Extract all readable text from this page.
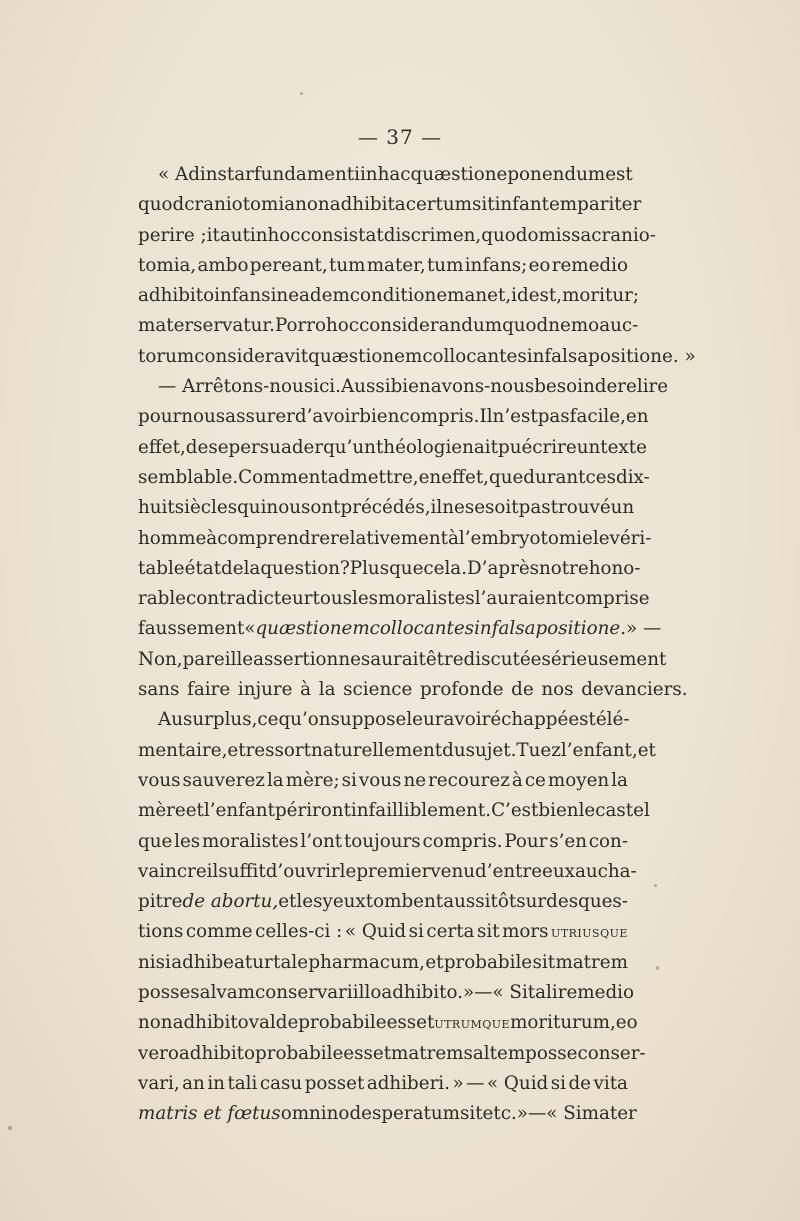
— 37 —
« Ad instar fundamenti in hac quæstione ponendum est
quod craniotomia non adhibita certum sit infantem pariter
perire ; ita ut in hoc consistat discrimen, quod omissa cranio-
tomia, ambo pereant, tum mater, tum infans; eo remedio
adhibito infans in eadem conditione manet, id est, moritur;
mater servatur. Porro hoc considerandum quod nemo auc-
torum consideravit quæstionem collocantes in falsa positione. »
— Arrêtons-nous ici. Aussi bien avons-nous besoin de relire
pour nous assurer d’avoir bien compris. Il n’est pas facile, en
effet, de se persuader qu’un théologien ait pu écrire un texte
semblable. Comment admettre, en effet, que durant ces dix-
huit siècles qui nous ont précédés, il ne se soit pas trouvé un
homme à comprendre relativement à l’embryotomie le véri-
table état de la question? Plus que cela. D’après notre hono-
rable contradicteur tous les moralistes l’auraient comprise
faussement « quæstionem collocantes in falsa positione. » —
Non, pareille assertion ne saurait être discutée sérieusement
sans faire injure à la science profonde de nos devanciers.
Au surplus, ce qu’on suppose leur avoir échappé est élé-
mentaire, et ressort naturellement du sujet. Tuez l’enfant, et
vous sauverez la mère; si vous ne recourez à ce moyen la
mère et l’enfant périront infailliblement. C’est bien le cas tel
que les moralistes l’ont toujours compris. Pour s’en con-
vaincre il suffit d’ouvrir le premier venu d’entre eux au cha-
pitre de abortu, et les yeux tombent aussitôt sur des ques-
tions comme celles-ci : « Quid si certa sit mors utriusque
nisi adhibeatur tale pharmacum, et probabile sit matrem
posse salvam conservari illo adhibito. » — « Si tali remedio
non adhibito valde probabile esset utrumque moriturum, eo
vero adhibito probabile esset matrem saltem posse conser-
vari, an in tali casu posset adhiberi. » — « Quid si de vita
matris et fœtus omnino desperatum sit etc. » — « Si mater
